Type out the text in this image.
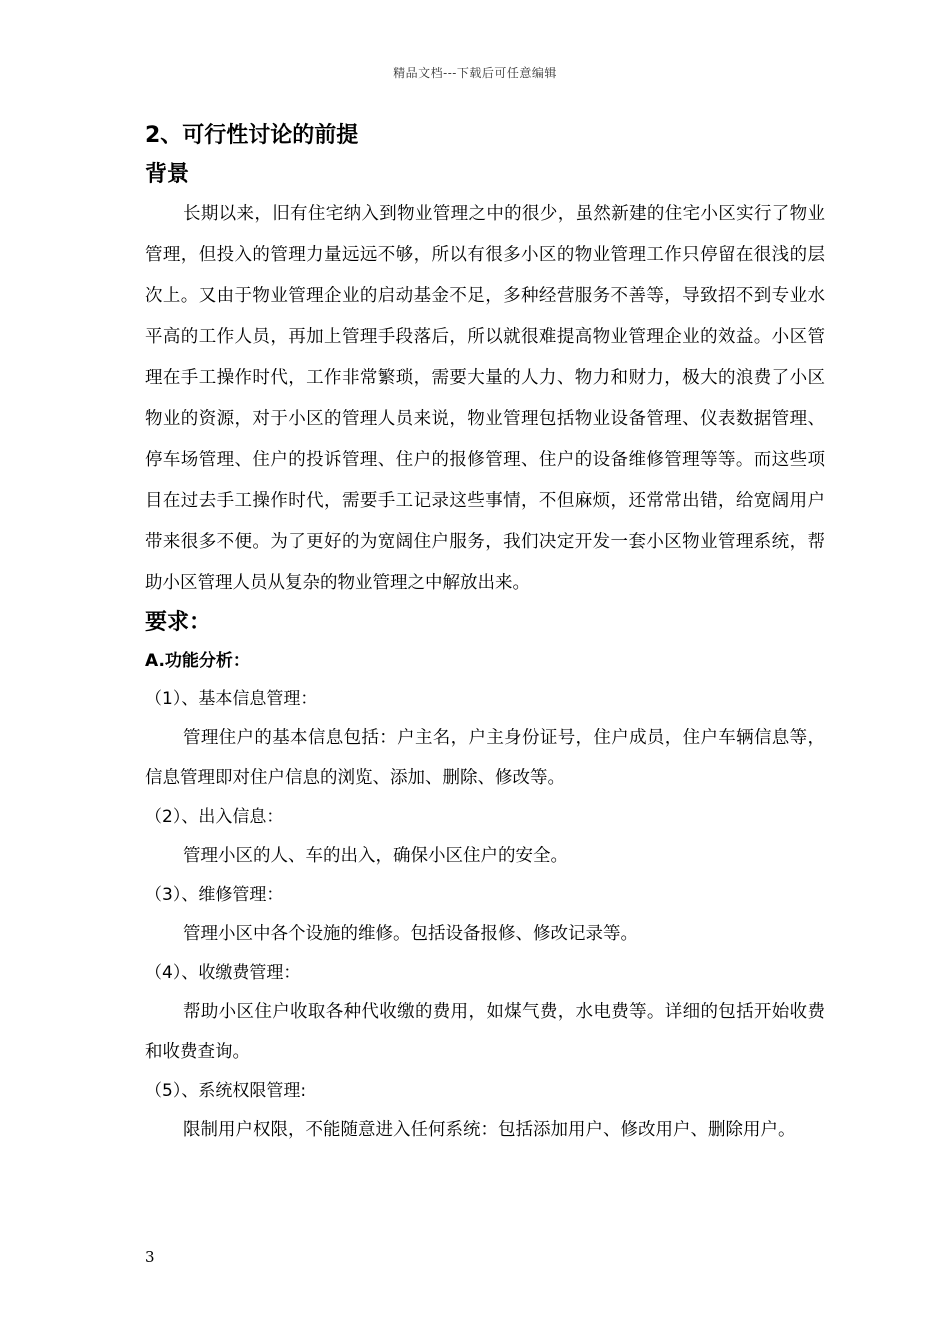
精品文档---下载后可任意编辑
2、可行性讨论的前提
背景

长期以来，旧有住宅纳入到物业管理之中的很少，虽然新建的住宅小区实行了物业管理，但投入的管理力量远远不够，所以有很多小区的物业管理工作只停留在很浅的层次上。又由于物业管理企业的启动基金不足，多种经营服务不善等，导致招不到专业水平高的工作人员，再加上管理手段落后，所以就很难提高物业管理企业的效益。小区管理在手工操作时代，工作非常繁琐，需要大量的人力、物力和财力，极大的浪费了小区物业的资源，对于小区的管理人员来说，物业管理包括物业设备管理、仪表数据管理、停车场管理、住户的投诉管理、住户的报修管理、住户的设备维修管理等等。而这些项目在过去手工操作时代，需要手工记录这些事情，不但麻烦，还常常出错，给宽阔用户带来很多不便。为了更好的为宽阔住户服务，我们决定开发一套小区物业管理系统，帮助小区管理人员从复杂的物业管理之中解放出来。

要求：
A.功能分析：
（1）、基本信息管理：

管理住户的基本信息包括：户主名，户主身份证号，住户成员，住户车辆信息等，信息管理即对住户信息的浏览、添加、删除、修改等。

（2）、出入信息：

管理小区的人、车的出入，确保小区住户的安全。

（3）、维修管理：

管理小区中各个设施的维修。包括设备报修、修改记录等。

（4）、收缴费管理：

帮助小区住户收取各种代收缴的费用，如煤气费，水电费等。详细的包括开始收费和收费查询。

（5）、系统权限管理:

限制用户权限，不能随意进入任何系统：包括添加用户、修改用户、删除用户。

3
